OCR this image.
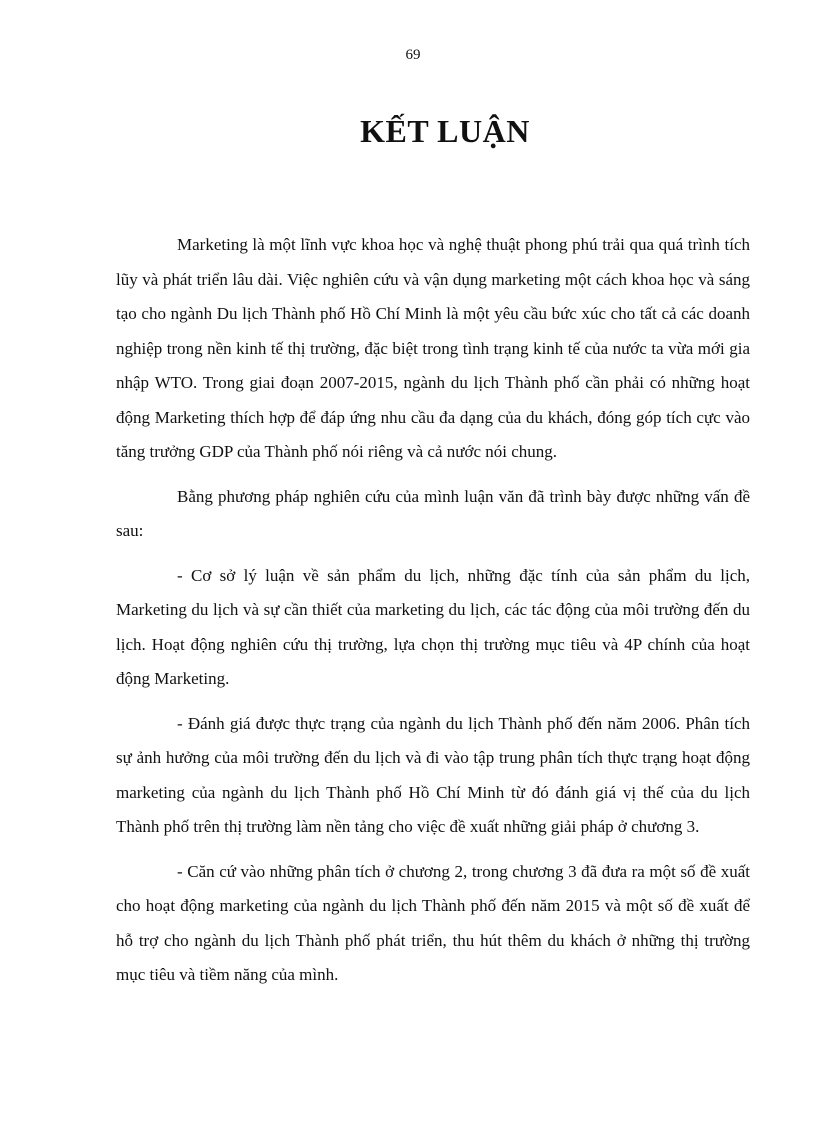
69
KẾT LUẬN

Marketing là một lĩnh vực khoa học và nghệ thuật phong phú trải qua quá trình tích lũy và phát triển lâu dài. Việc nghiên cứu và vận dụng marketing một cách khoa học và sáng tạo cho ngành Du lịch Thành phố Hồ Chí Minh là một yêu cầu bức xúc cho tất cả các doanh nghiệp trong nền kinh tế thị trường, đặc biệt trong tình trạng kinh tế của nước ta vừa mới gia nhập WTO. Trong giai đoạn 2007-2015, ngành du lịch Thành phố cần phải có những hoạt động Marketing thích hợp để đáp ứng nhu cầu đa dạng của du khách, đóng góp tích cực vào tăng trưởng GDP của Thành phố nói riêng và cả nước nói chung.

Bằng phương pháp nghiên cứu của mình luận văn đã trình bày được những vấn đề sau:

- Cơ sở lý luận về sản phẩm du lịch, những đặc tính của sản phẩm du lịch, Marketing du lịch và sự cần thiết của marketing du lịch, các tác động của môi trường đến du lịch. Hoạt động nghiên cứu thị trường, lựa chọn thị trường mục tiêu và 4P chính của hoạt động Marketing.

- Đánh giá được thực trạng của ngành du lịch Thành phố đến năm 2006. Phân tích sự ảnh hưởng của môi trường đến du lịch và đi vào tập trung phân tích thực trạng hoạt động marketing của ngành du lịch Thành phố Hồ Chí Minh từ đó đánh giá vị thế của du lịch Thành phố trên thị trường làm nền tảng cho việc đề xuất những giải pháp ở chương 3.

- Căn cứ vào những phân tích ở chương 2, trong chương 3 đã đưa ra một số đề xuất cho hoạt động marketing của ngành du lịch Thành phố đến năm 2015 và một số đề xuất để hỗ trợ cho ngành du lịch Thành phố phát triển, thu hút thêm du khách ở những thị trường mục tiêu và tiềm năng của mình.
